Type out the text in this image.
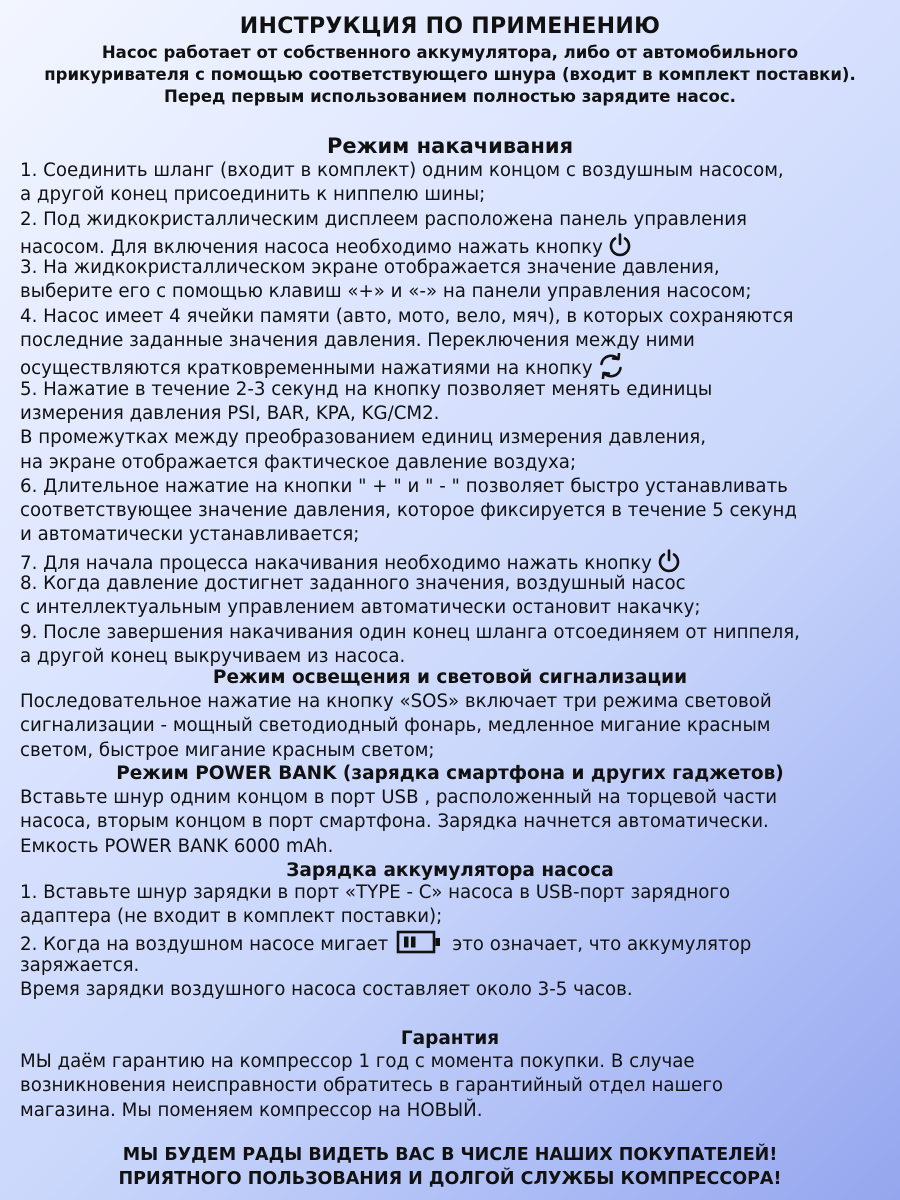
ИНСТРУКЦИЯ ПО ПРИМЕНЕНИЮ
Насос работает от собственного аккумулятора, либо от автомобильного
прикуривателя с помощью соответствующего шнура (входит в комплект поставки).
Перед первым использованием полностью зарядите насос.
Режим накачивания
1. Соединить шланг (входит в комплект) одним концом с воздушным насосом,
а другой конец присоединить к ниппелю шины;
2. Под жидкокристаллическим дисплеем расположена панель управления
насосом. Для включения насоса необходимо нажать кнопку
3. На жидкокристаллическом экране отображается значение давления,
выберите его с помощью клавиш «+» и «-» на панели управления насосом;
4. Насос имеет 4 ячейки памяти (авто, мото, вело, мяч), в которых сохраняются
последние заданные значения давления. Переключения между ними
осуществляются кратковременными нажатиями на кнопку
5. Нажатие в течение 2-3 секунд на кнопку позволяет менять единицы
измерения давления PSI, BAR, KPA, KG/CM2.
В промежутках между преобразованием единиц измерения давления,
на экране отображается фактическое давление воздуха;
6. Длительное нажатие на кнопки " + " и " - " позволяет быстро устанавливать
соответствующее значение давления, которое фиксируется в течение 5 секунд
и автоматически устанавливается;
7. Для начала процесса накачивания необходимо нажать кнопку
8. Когда давление достигнет заданного значения, воздушный насос
с интеллектуальным управлением автоматически остановит накачку;
9. После завершения накачивания один конец шланга отсоединяем от ниппеля,
а другой конец выкручиваем из насоса.
Режим освещения и световой сигнализации
Последовательное нажатие на кнопку «SOS» включает три режима световой
сигнализации - мощный светодиодный фонарь, медленное мигание красным
светом, быстрое мигание красным светом;
Режим POWER BANK (зарядка смартфона и других гаджетов)
Вставьте шнур одним концом в порт USB , расположенный на торцевой части
насоса, вторым концом в порт смартфона. Зарядка начнется автоматически.
Емкость POWER BANK 6000 mAh.
Зарядка аккумулятора насоса
1. Вставьте шнур зарядки в порт «TYPE - C» насоса в USB-порт зарядного
адаптера (не входит в комплект поставки);
2. Когда на воздушном насосе мигает	это означает, что аккумулятор
заряжается.
Время зарядки воздушного насоса составляет около 3-5 часов.
Гарантия
МЫ даём гарантию на компрессор 1 год с момента покупки. В случае
возникновения неисправности обратитесь в гарантийный отдел нашего
магазина. Мы поменяем компрессор на НОВЫЙ.
МЫ БУДЕМ РАДЫ ВИДЕТЬ ВАС В ЧИСЛЕ НАШИХ ПОКУПАТЕЛЕЙ!
ПРИЯТНОГО ПОЛЬЗОВАНИЯ И ДОЛГОЙ СЛУЖБЫ КОМПРЕССОРА!
